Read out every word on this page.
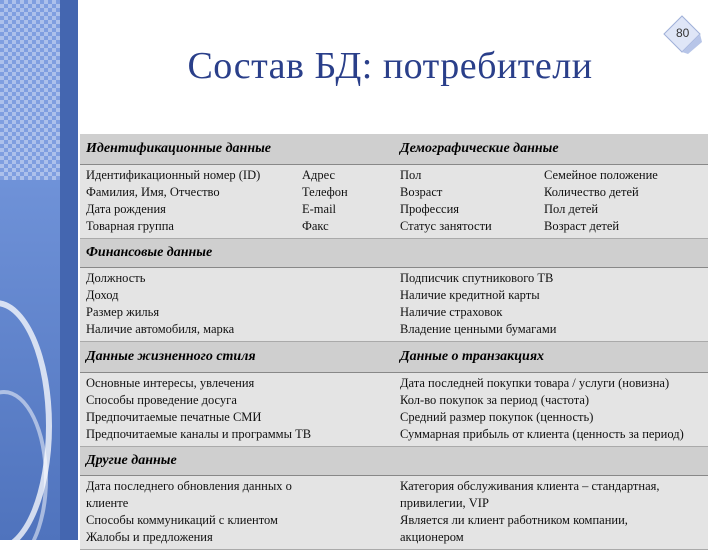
80
Состав БД: потребители
Идентификационные данные	Демографические данные
Идентификационный номер (ID)
Фамилия, Имя, Отчество
Дата рождения
Товарная группа
Адрес
Телефон
E-mail
Факс
Пол
Возраст
Профессия
Статус занятости
Семейное положение
Количество детей
Пол детей
Возраст детей
Финансовые данные
Должность
Доход
Размер жилья
Наличие автомобиля, марка
Подписчик спутникового ТВ
Наличие кредитной карты
Наличие страховок
Владение ценными бумагами
Данные жизненного стиля	Данные о транзакциях
Основные интересы, увлечения
Способы проведение досуга
Предпочитаемые печатные СМИ
Предпочитаемые каналы и программы ТВ
Дата последней покупки товара / услуги (новизна)
Кол-во покупок за период (частота)
Средний размер покупок (ценность)
Суммарная прибыль от клиента (ценность за период)
Другие данные
Дата последнего обновления данных о
клиенте
Способы коммуникаций с клиентом
Жалобы и предложения
Категория обслуживания клиента – стандартная,
привилегии, VIP
Является ли клиент работником компании,
акционером
